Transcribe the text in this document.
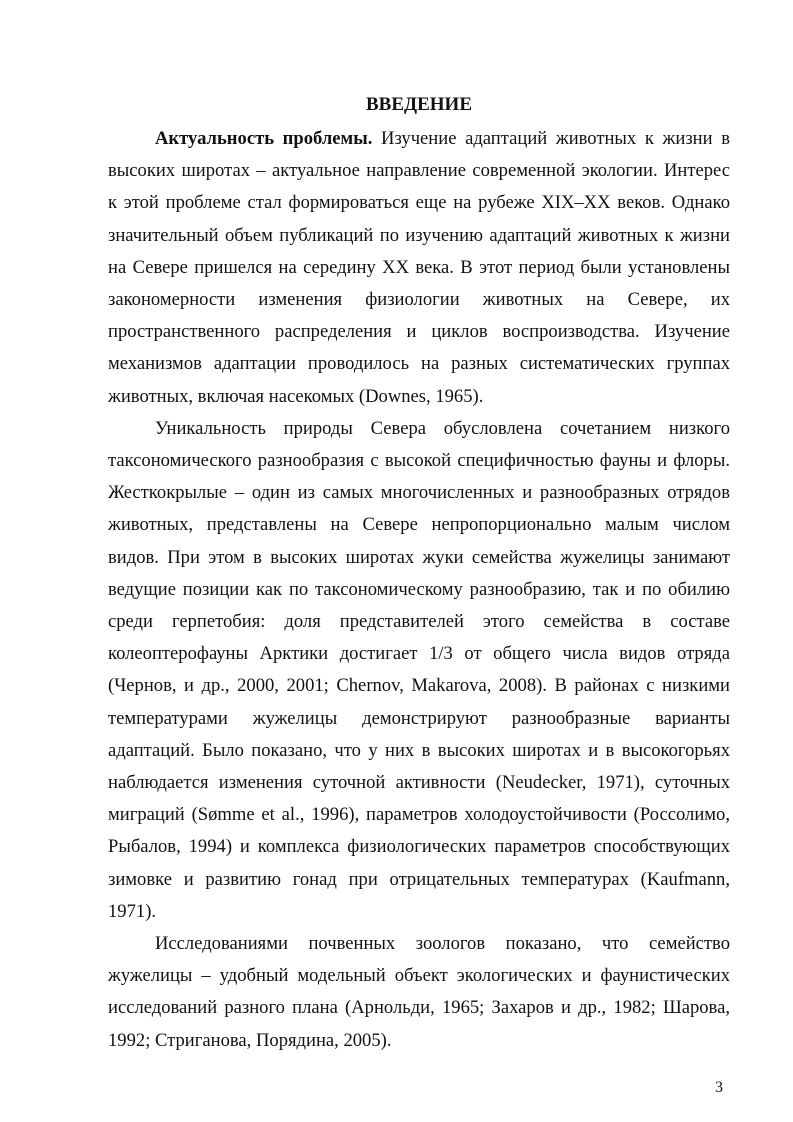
ВВЕДЕНИЕ

Актуальность проблемы. Изучение адаптаций животных к жизни в высоких широтах – актуальное направление современной экологии. Интерес к этой проблеме стал формироваться еще на рубеже XIX–XX веков. Однако значительный объем публикаций по изучению адаптаций животных к жизни на Севере пришелся на середину XX века. В этот период были установлены закономерности изменения физиологии животных на Севере, их пространственного распределения и циклов воспроизводства. Изучение механизмов адаптации проводилось на разных систематических группах животных, включая насекомых (Downes, 1965).

Уникальность природы Севера обусловлена сочетанием низкого таксономического разнообразия с высокой специфичностью фауны и флоры. Жесткокрылые – один из самых многочисленных и разнообразных отрядов животных, представлены на Севере непропорционально малым числом видов. При этом в высоких широтах жуки семейства жужелицы занимают ведущие позиции как по таксономическому разнообразию, так и по обилию среди герпетобия: доля представителей этого семейства в составе колеоптерофауны Арктики достигает 1/3 от общего числа видов отряда (Чернов, и др., 2000, 2001; Chernov, Makarova, 2008). В районах с низкими температурами жужелицы демонстрируют разнообразные варианты адаптаций. Было показано, что у них в высоких широтах и в высокогорьях наблюдается изменения суточной активности (Neudecker, 1971), суточных миграций (Sømme et al., 1996), параметров холодоустойчивости (Россолимо, Рыбалов, 1994) и комплекса физиологических параметров способствующих зимовке и развитию гонад при отрицательных температурах (Kaufmann, 1971).

Исследованиями почвенных зоологов показано, что семейство жужелицы – удобный модельный объект экологических и фаунистических исследований разного плана (Арнольди, 1965; Захаров и др., 1982; Шарова, 1992; Стриганова, Порядина, 2005).

3
